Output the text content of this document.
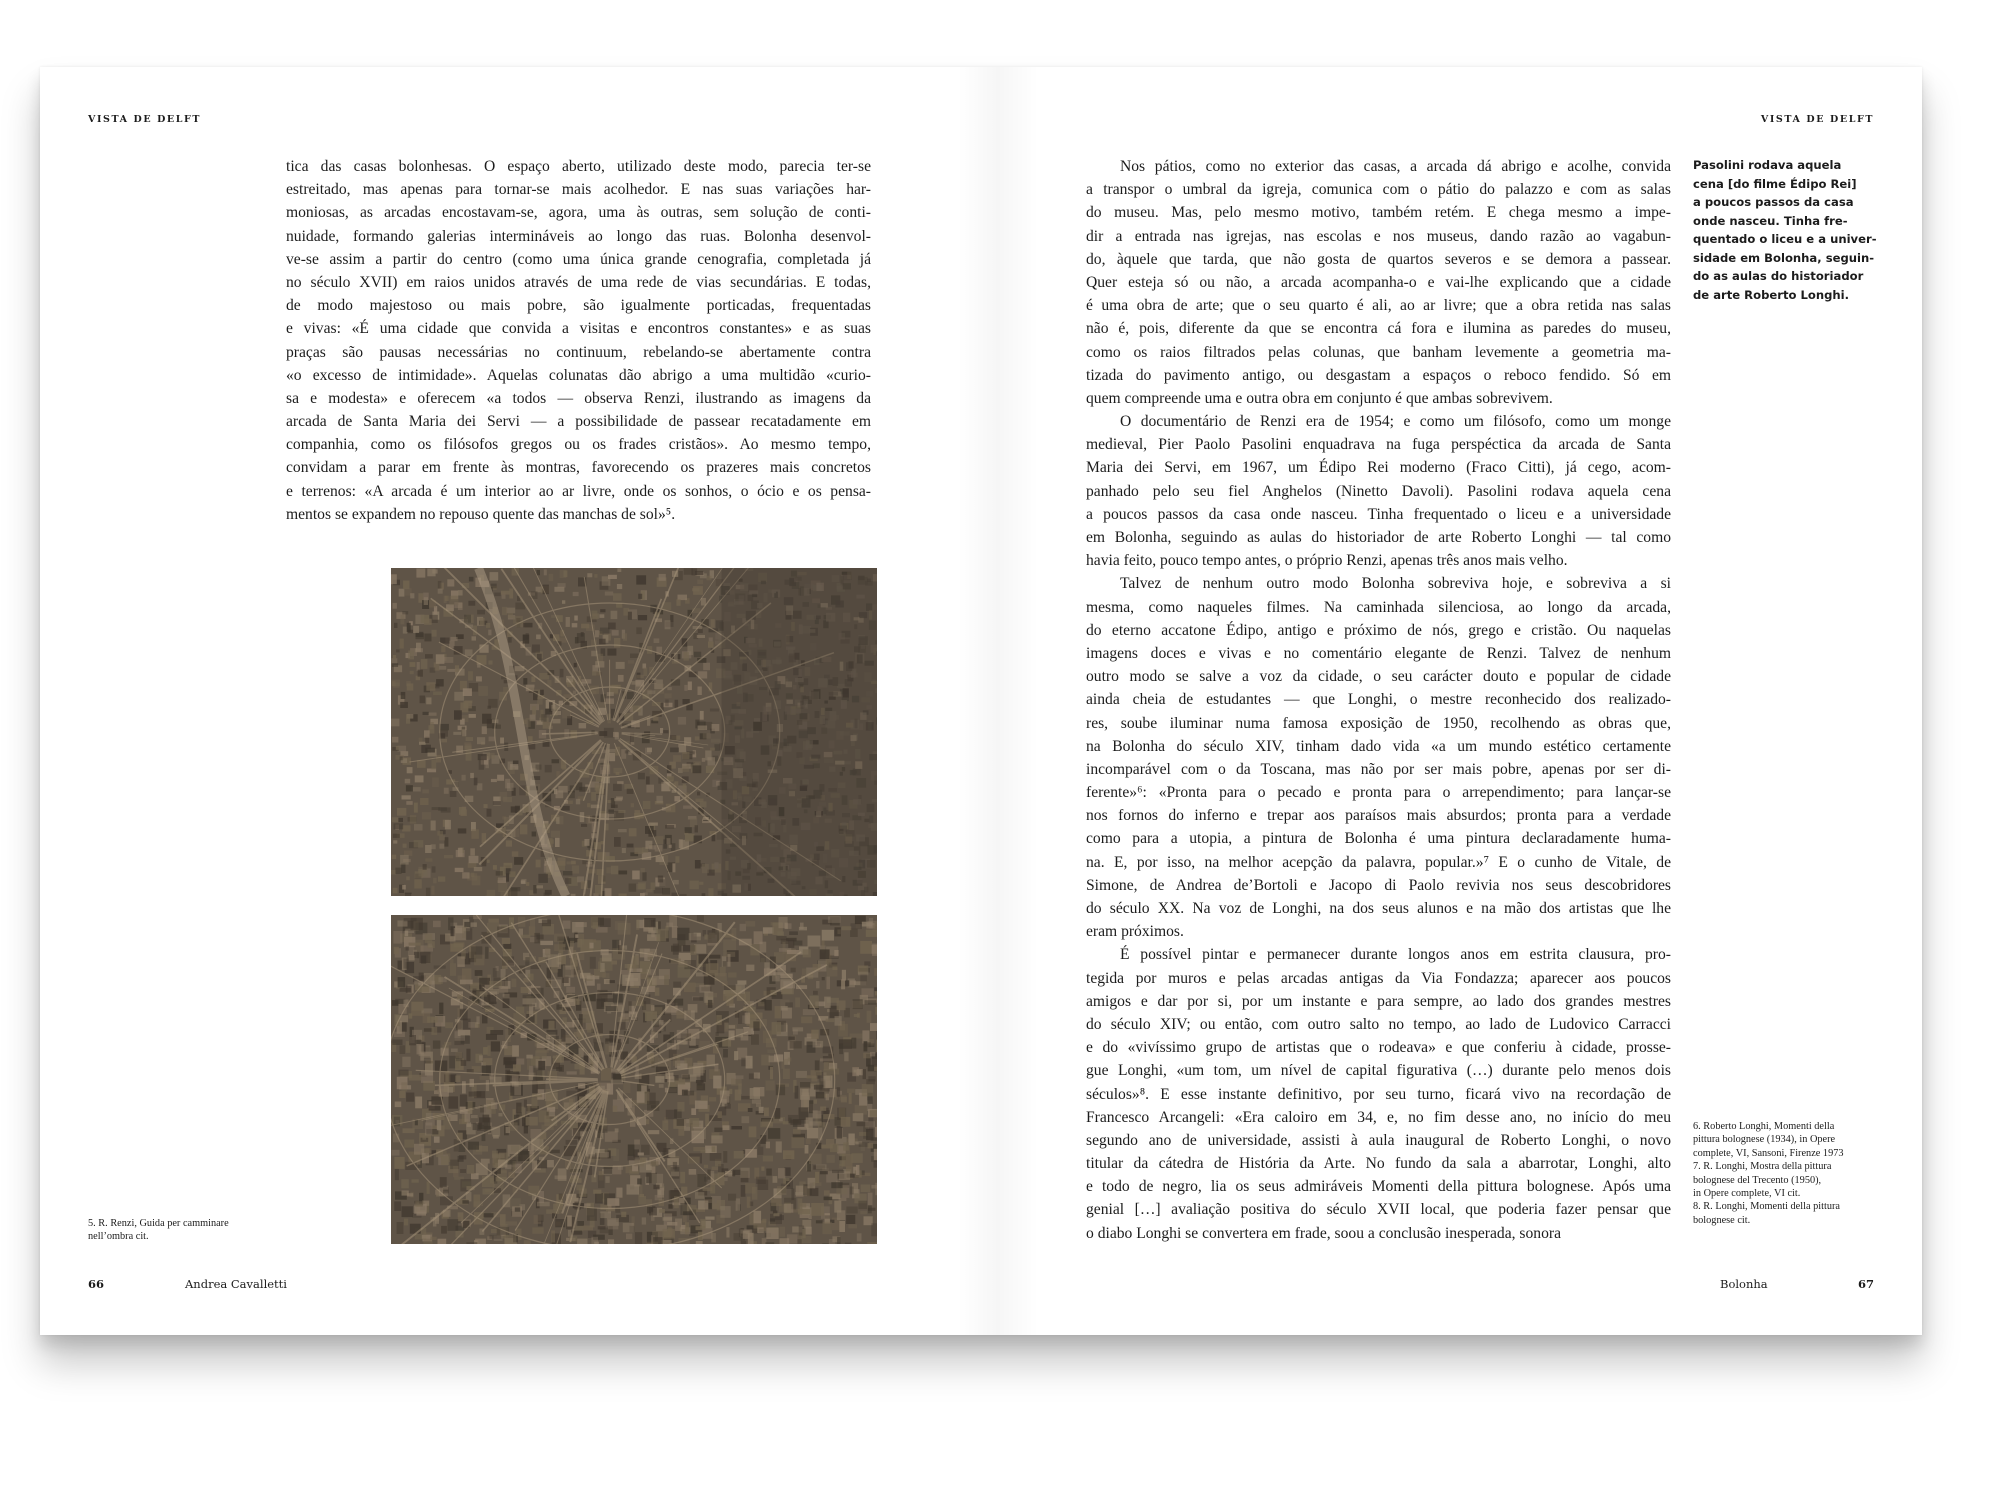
VISTA DE DELFT
tica das casas bolonhesas. O espaço aberto, utilizado deste modo, parecia ter-se
estreitado, mas apenas para tornar-se mais acolhedor. E nas suas variações har-
moniosas, as arcadas encostavam-se, agora, uma às outras, sem solução de conti-
nuidade, formando galerias intermináveis ao longo das ruas. Bolonha desenvol-
ve-se assim a partir do centro (como uma única grande cenografia, completada já
no século XVII) em raios unidos através de uma rede de vias secundárias. E todas,
de modo majestoso ou mais pobre, são igualmente porticadas, frequentadas
e vivas: «É uma cidade que convida a visitas e encontros constantes» e as suas
praças são pausas necessárias no continuum, rebelando-se abertamente contra
«o excesso de intimidade». Aquelas colunatas dão abrigo a uma multidão «curio-
sa e modesta» e oferecem «a todos — observa Renzi, ilustrando as imagens da
arcada de Santa Maria dei Servi — a possibilidade de passear recatadamente em
companhia, como os filósofos gregos ou os frades cristãos». Ao mesmo tempo,
convidam a parar em frente às montras, favorecendo os prazeres mais concretos
e terrenos: «A arcada é um interior ao ar livre, onde os sonhos, o ócio e os pensa-
mentos se expandem no repouso quente das manchas de sol»⁵.
5. R. Renzi, Guida per camminare
nell’ombra cit.
66	Andrea Cavalletti
VISTA DE DELFT
Nos pátios, como no exterior das casas, a arcada dá abrigo e acolhe, convida
a transpor o umbral da igreja, comunica com o pátio do palazzo e com as salas
do museu. Mas, pelo mesmo motivo, também retém. E chega mesmo a impe-
dir a entrada nas igrejas, nas escolas e nos museus, dando razão ao vagabun-
do, àquele que tarda, que não gosta de quartos severos e se demora a passear.
Quer esteja só ou não, a arcada acompanha-o e vai-lhe explicando que a cidade
é uma obra de arte; que o seu quarto é ali, ao ar livre; que a obra retida nas salas
não é, pois, diferente da que se encontra cá fora e ilumina as paredes do museu,
como os raios filtrados pelas colunas, que banham levemente a geometria ma-
tizada do pavimento antigo, ou desgastam a espaços o reboco fendido. Só em
quem compreende uma e outra obra em conjunto é que ambas sobrevivem.
O documentário de Renzi era de 1954; e como um filósofo, como um monge
medieval, Pier Paolo Pasolini enquadrava na fuga perspéctica da arcada de Santa
Maria dei Servi, em 1967, um Édipo Rei moderno (Fraco Citti), já cego, acom-
panhado pelo seu fiel Anghelos (Ninetto Davoli). Pasolini rodava aquela cena
a poucos passos da casa onde nasceu. Tinha frequentado o liceu e a universidade
em Bolonha, seguindo as aulas do historiador de arte Roberto Longhi — tal como
havia feito, pouco tempo antes, o próprio Renzi, apenas três anos mais velho.
Talvez de nenhum outro modo Bolonha sobreviva hoje, e sobreviva a si
mesma, como naqueles filmes. Na caminhada silenciosa, ao longo da arcada,
do eterno accatone Édipo, antigo e próximo de nós, grego e cristão. Ou naquelas
imagens doces e vivas e no comentário elegante de Renzi. Talvez de nenhum
outro modo se salve a voz da cidade, o seu carácter douto e popular de cidade
ainda cheia de estudantes — que Longhi, o mestre reconhecido dos realizado-
res, soube iluminar numa famosa exposição de 1950, recolhendo as obras que,
na Bolonha do século XIV, tinham dado vida «a um mundo estético certamente
incomparável com o da Toscana, mas não por ser mais pobre, apenas por ser di-
ferente»⁶: «Pronta para o pecado e pronta para o arrependimento; para lançar-se
nos fornos do inferno e trepar aos paraísos mais absurdos; pronta para a verdade
como para a utopia, a pintura de Bolonha é uma pintura declaradamente huma-
na. E, por isso, na melhor acepção da palavra, popular.»⁷ E o cunho de Vitale, de
Simone, de Andrea de’Bortoli e Jacopo di Paolo revivia nos seus descobridores
do século XX. Na voz de Longhi, na dos seus alunos e na mão dos artistas que lhe
eram próximos.
É possível pintar e permanecer durante longos anos em estrita clausura, pro-
tegida por muros e pelas arcadas antigas da Via Fondazza; aparecer aos poucos
amigos e dar por si, por um instante e para sempre, ao lado dos grandes mestres
do século XIV; ou então, com outro salto no tempo, ao lado de Ludovico Carracci
e do «vivíssimo grupo de artistas que o rodeava» e que conferiu à cidade, prosse-
gue Longhi, «um tom, um nível de capital figurativa (…) durante pelo menos dois
séculos»⁸. E esse instante definitivo, por seu turno, ficará vivo na recordação de
Francesco Arcangeli: «Era caloiro em 34, e, no fim desse ano, no início do meu
segundo ano de universidade, assisti à aula inaugural de Roberto Longhi, o novo
titular da cátedra de História da Arte. No fundo da sala a abarrotar, Longhi, alto
e todo de negro, lia os seus admiráveis Momenti della pittura bolognese. Após uma
genial […] avaliação positiva do século XVII local, que poderia fazer pensar que
o diabo Longhi se convertera em frade, soou a conclusão inesperada, sonora
Pasolini rodava aquela
cena [do filme Édipo Rei]
a poucos passos da casa
onde nasceu. Tinha fre-
quentado o liceu e a univer-
sidade em Bolonha, seguin-
do as aulas do historiador
de arte Roberto Longhi.
6. Roberto Longhi, Momenti della
pittura bolognese (1934), in Opere
complete, VI, Sansoni, Firenze 1973
7. R. Longhi, Mostra della pittura
bolognese del Trecento (1950),
in Opere complete, VI cit.
8. R. Longhi, Momenti della pittura
bolognese cit.
Bolonha	67
